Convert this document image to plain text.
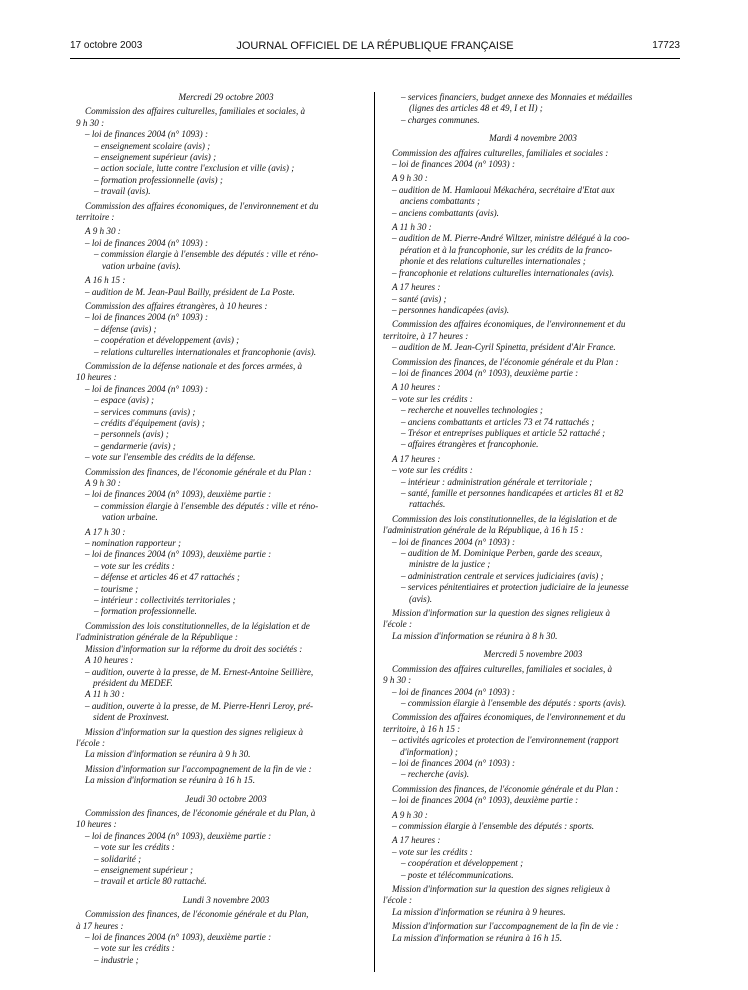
17 octobre 2003	JOURNAL OFFICIEL DE LA RÉPUBLIQUE FRANÇAISE	17723
Mercredi 29 octobre 2003
Commission des affaires culturelles, familiales et sociales, à
9 h 30 :
– loi de finances 2004 (n° 1093) :
– enseignement scolaire (avis) ;
– enseignement supérieur (avis) ;
– action sociale, lutte contre l'exclusion et ville (avis) ;
– formation professionnelle (avis) ;
– travail (avis).
Commission des affaires économiques, de l'environnement et du
territoire :
A 9 h 30 :
– loi de finances 2004 (n° 1093) :
– commission élargie à l'ensemble des députés : ville et réno-
vation urbaine (avis).
A 16 h 15 :
– audition de M. Jean-Paul Bailly, président de La Poste.
Commission des affaires étrangères, à 10 heures :
– loi de finances 2004 (n° 1093) :
– défense (avis) ;
– coopération et développement (avis) ;
– relations culturelles internationales et francophonie (avis).
Commission de la défense nationale et des forces armées, à
10 heures :
– loi de finances 2004 (n° 1093) :
– espace (avis) ;
– services communs (avis) ;
– crédits d'équipement (avis) ;
– personnels (avis) ;
– gendarmerie (avis) ;
– vote sur l'ensemble des crédits de la défense.
Commission des finances, de l'économie générale et du Plan :
A 9 h 30 :
– loi de finances 2004 (n° 1093), deuxième partie :
– commission élargie à l'ensemble des députés : ville et réno-
vation urbaine.
A 17 h 30 :
– nomination rapporteur ;
– loi de finances 2004 (n° 1093), deuxième partie :
– vote sur les crédits :
– défense et articles 46 et 47 rattachés ;
– tourisme ;
– intérieur : collectivités territoriales ;
– formation professionnelle.
Commission des lois constitutionnelles, de la législation et de
l'administration générale de la République :
Mission d'information sur la réforme du droit des sociétés :
A 10 heures :
– audition, ouverte à la presse, de M. Ernest-Antoine Seillière,
président du MEDEF.
A 11 h 30 :
– audition, ouverte à la presse, de M. Pierre-Henri Leroy, pré-
sident de Proxinvest.
Mission d'information sur la question des signes religieux à
l'école :
La mission d'information se réunira à 9 h 30.
Mission d'information sur l'accompagnement de la fin de vie :
La mission d'information se réunira à 16 h 15.
Jeudi 30 octobre 2003
Commission des finances, de l'économie générale et du Plan, à
10 heures :
– loi de finances 2004 (n° 1093), deuxième partie :
– vote sur les crédits :
– solidarité ;
– enseignement supérieur ;
– travail et article 80 rattaché.
Lundi 3 novembre 2003
Commission des finances, de l'économie générale et du Plan,
à 17 heures :
– loi de finances 2004 (n° 1093), deuxième partie :
– vote sur les crédits :
– industrie ;
– services financiers, budget annexe des Monnaies et médailles
(lignes des articles 48 et 49, I et II) ;
– charges communes.
Mardi 4 novembre 2003
Commission des affaires culturelles, familiales et sociales :
– loi de finances 2004 (n° 1093) :
A 9 h 30 :
– audition de M. Hamlaoui Mékachéra, secrétaire d'Etat aux
anciens combattants ;
– anciens combattants (avis).
A 11 h 30 :
– audition de M. Pierre-André Wiltzer, ministre délégué à la coo-
pération et à la francophonie, sur les crédits de la franco-
phonie et des relations culturelles internationales ;
– francophonie et relations culturelles internationales (avis).
A 17 heures :
– santé (avis) ;
– personnes handicapées (avis).
Commission des affaires économiques, de l'environnement et du
territoire, à 17 heures :
– audition de M. Jean-Cyril Spinetta, président d'Air France.
Commission des finances, de l'économie générale et du Plan :
– loi de finances 2004 (n° 1093), deuxième partie :
A 10 heures :
– vote sur les crédits :
– recherche et nouvelles technologies ;
– anciens combattants et articles 73 et 74 rattachés ;
– Trésor et entreprises publiques et article 52 rattaché ;
– affaires étrangères et francophonie.
A 17 heures :
– vote sur les crédits :
– intérieur : administration générale et territoriale ;
– santé, famille et personnes handicapées et articles 81 et 82
rattachés.
Commission des lois constitutionnelles, de la législation et de
l'administration générale de la République, à 16 h 15 :
– loi de finances 2004 (n° 1093) :
– audition de M. Dominique Perben, garde des sceaux,
ministre de la justice ;
– administration centrale et services judiciaires (avis) ;
– services pénitentiaires et protection judiciaire de la jeunesse
(avis).
Mission d'information sur la question des signes religieux à
l'école :
La mission d'information se réunira à 8 h 30.
Mercredi 5 novembre 2003
Commission des affaires culturelles, familiales et sociales, à
9 h 30 :
– loi de finances 2004 (n° 1093) :
– commission élargie à l'ensemble des députés : sports (avis).
Commission des affaires économiques, de l'environnement et du
territoire, à 16 h 15 :
– activités agricoles et protection de l'environnement (rapport
d'information) ;
– loi de finances 2004 (n° 1093) :
– recherche (avis).
Commission des finances, de l'économie générale et du Plan :
– loi de finances 2004 (n° 1093), deuxième partie :
A 9 h 30 :
– commission élargie à l'ensemble des députés : sports.
A 17 heures :
– vote sur les crédits :
– coopération et développement ;
– poste et télécommunications.
Mission d'information sur la question des signes religieux à
l'école :
La mission d'information se réunira à 9 heures.
Mission d'information sur l'accompagnement de la fin de vie :
La mission d'information se réunira à 16 h 15.
